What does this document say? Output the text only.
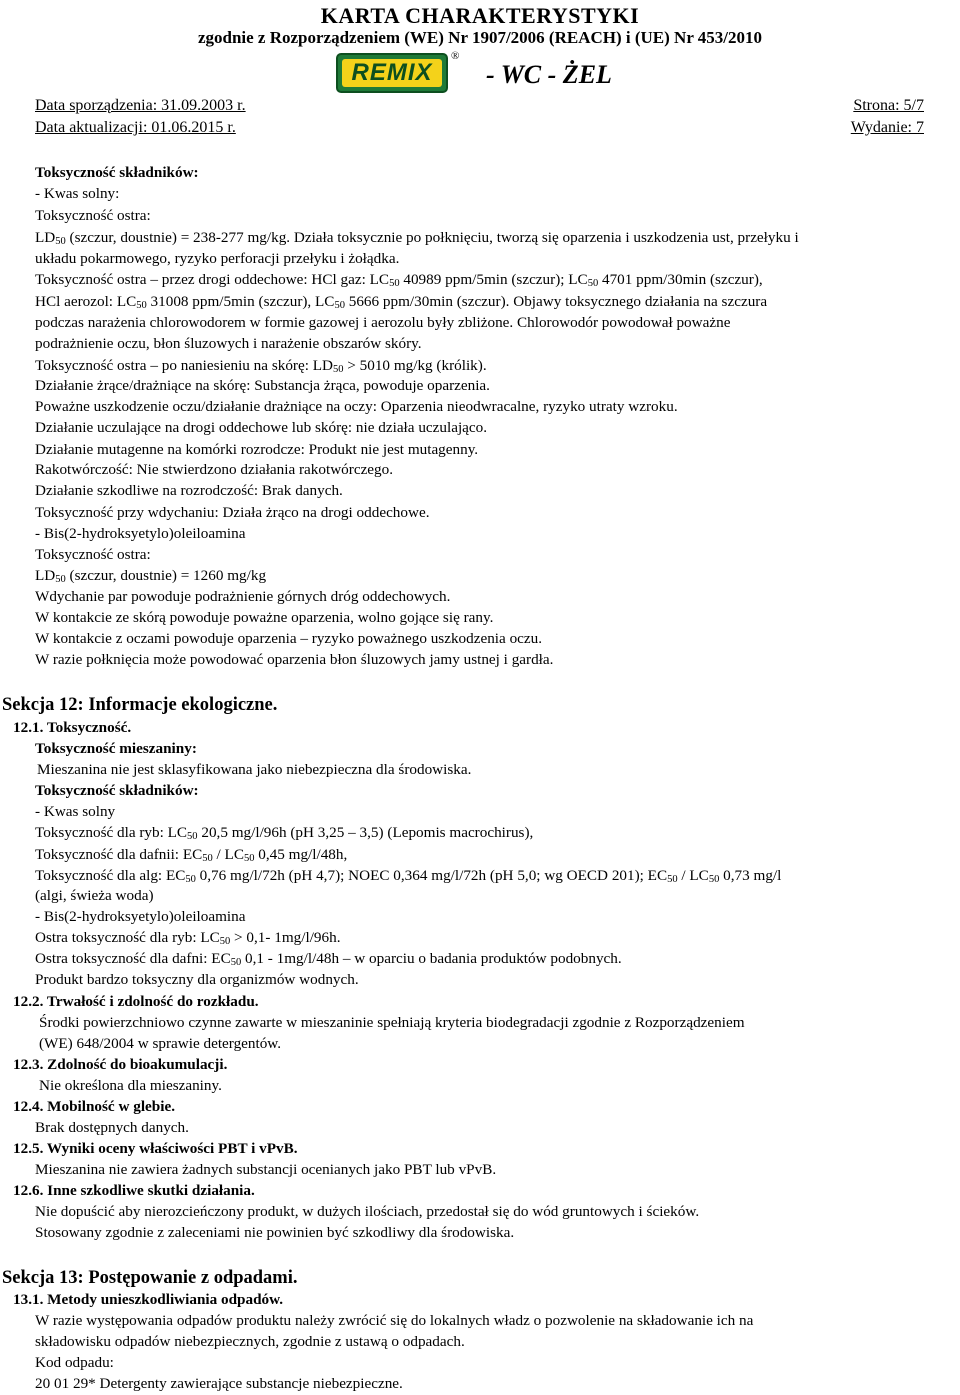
KARTA CHARAKTERYSTYKI
zgodnie z Rozporządzeniem (WE) Nr 1907/2006 (REACH) i (UE) Nr 453/2010
REMIX
®
- WC - ŻEL
Data sporządzenia: 31.09.2003 r.	Strona: 5/7
Data aktualizacji: 01.06.2015 r.	Wydanie: 7
Toksyczność składników:
- Kwas solny:
Toksyczność ostra:
$LD_{50}$ (szczur, doustnie) = 238-277 mg/kg. Działa toksycznie po połknięciu, tworzą się oparzenia i uszkodzenia ust, przełyku i
układu pokarmowego, ryzyko perforacji przełyku i żołądka.
Toksyczność ostra – przez drogi oddechowe: HCl gaz: $LC_{50}$ 40989 ppm/5min (szczur); $LC_{50}$ 4701 ppm/30min (szczur),
HCl aerozol: $LC_{50}$ 31008 ppm/5min (szczur), $LC_{50}$ 5666 ppm/30min (szczur). Objawy toksycznego działania na szczura
podczas narażenia chlorowodorem w formie gazowej i aerozolu były zbliżone. Chlorowodór powodował poważne
podrażnienie oczu, błon śluzowych i narażenie obszarów skóry.
Toksyczność ostra – po naniesieniu na skórę: $LD_{50} > 5010$ mg/kg (królik).
Działanie żrące/drażniące na skórę: Substancja żrąca, powoduje oparzenia.
Poważne uszkodzenie oczu/działanie drażniące na oczy: Oparzenia nieodwracalne, ryzyko utraty wzroku.
Działanie uczulające na drogi oddechowe lub skórę: nie działa uczulająco.
Działanie mutagenne na komórki rozrodcze: Produkt nie jest mutagenny.
Rakotwórczość: Nie stwierdzono działania rakotwórczego.
Działanie szkodliwe na rozrodczość: Brak danych.
Toksyczność przy wdychaniu: Działa żrąco na drogi oddechowe.
- Bis(2-hydroksyetylo)oleiloamina
Toksyczność ostra:
$LD_{50}$ (szczur, doustnie) = 1260 mg/kg
Wdychanie par powoduje podrażnienie górnych dróg oddechowych.
W kontakcie ze skórą powoduje poważne oparzenia, wolno gojące się rany.
W kontakcie z oczami powoduje oparzenia – ryzyko poważnego uszkodzenia oczu.
W razie połknięcia może powodować oparzenia błon śluzowych jamy ustnej i gardła.
Sekcja 12: Informacje ekologiczne.
12.1. Toksyczność.
Toksyczność mieszaniny:
Mieszanina nie jest sklasyfikowana jako niebezpieczna dla środowiska.
Toksyczność składników:
- Kwas solny
Toksyczność dla ryb: $LC_{50}$ 20,5 mg/l/96h (pH 3,25 – 3,5) (Lepomis macrochirus),
Toksyczność dla dafnii: $EC_{50} / LC_{50}$ 0,45 mg/l/48h,
Toksyczność dla alg: $EC_{50}$ 0,76 mg/l/72h (pH 4,7); NOEC 0,364 mg/l/72h (pH 5,0; wg OECD 201); $EC_{50} / LC_{50}$ 0,73 mg/l
(algi, świeża woda)
- Bis(2-hydroksyetylo)oleiloamina
Ostra toksyczność dla ryb: $LC_{50} > 0,1-$ 1mg/l/96h.
Ostra toksyczność dla dafni: $EC_{50}$ 0,1 - 1mg/l/48h – w oparciu o badania produktów podobnych.
Produkt bardzo toksyczny dla organizmów wodnych.
12.2. Trwałość i zdolność do rozkładu.
Środki powierzchniowo czynne zawarte w mieszaninie spełniają kryteria biodegradacji zgodnie z Rozporządzeniem
(WE) 648/2004 w sprawie detergentów.
12.3. Zdolność do bioakumulacji.
Nie określona dla mieszaniny.
12.4. Mobilność w glebie.
Brak dostępnych danych.
12.5. Wyniki oceny właściwości PBT i vPvB.
Mieszanina nie zawiera żadnych substancji ocenianych jako PBT lub vPvB.
12.6. Inne szkodliwe skutki działania.
Nie dopuścić aby nierozcieńczony produkt, w dużych ilościach, przedostał się do wód gruntowych i ścieków.
Stosowany zgodnie z zaleceniami nie powinien być szkodliwy dla środowiska.
Sekcja 13: Postępowanie z odpadami.
13.1. Metody unieszkodliwiania odpadów.
W razie występowania odpadów produktu należy zwrócić się do lokalnych władz o pozwolenie na składowanie ich na
składowisku odpadów niebezpiecznych, zgodnie z ustawą o odpadach.
Kod odpadu:
20 01 29* Detergenty zawierające substancje niebezpieczne.
